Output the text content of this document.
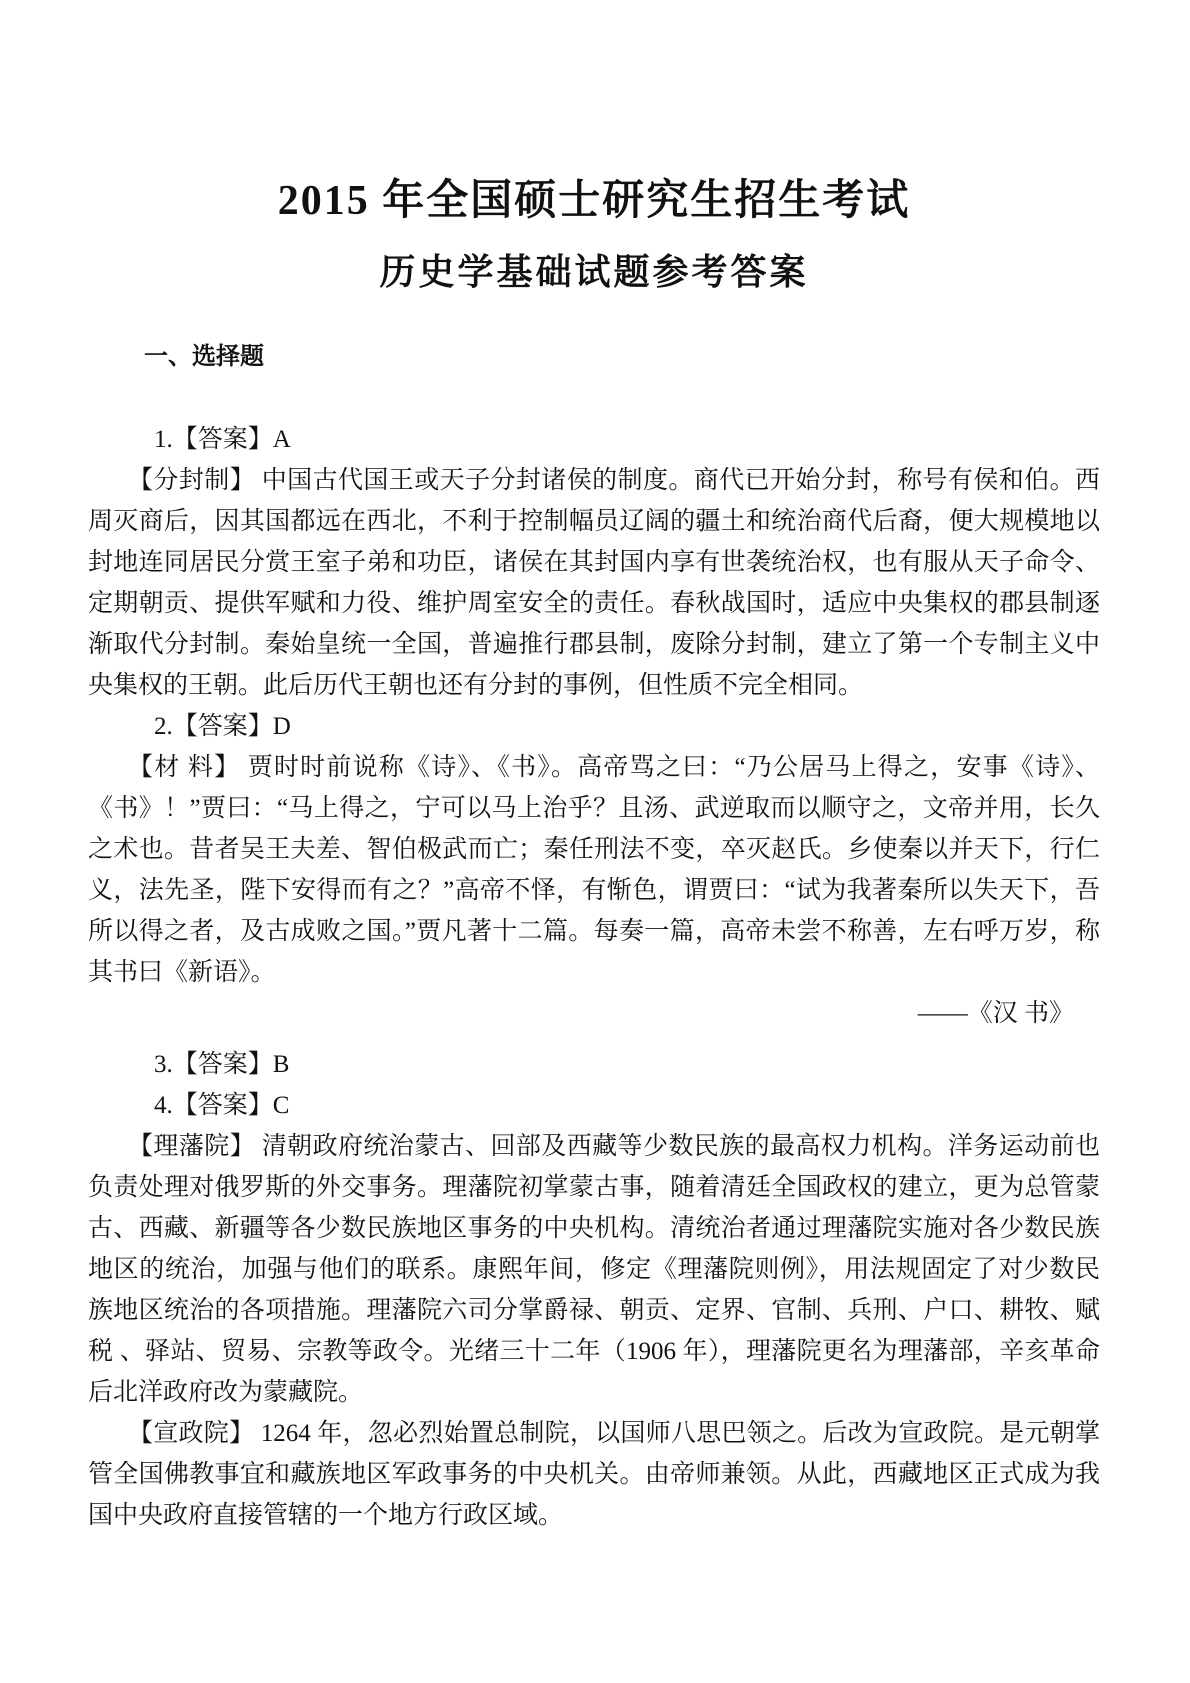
2015 年全国硕士研究生招生考试
历史学基础试题参考答案
一、选择题

1.【答案】A

【分封制】 中国古代国王或天子分封诸侯的制度。商代已开始分封，称号有侯和伯。西周灭商后，因其国都远在西北，不利于控制幅员辽阔的疆土和统治商代后裔，便大规模地以封地连同居民分赏王室子弟和功臣，诸侯在其封国内享有世袭统治权，也有服从天子命令、定期朝贡、提供军赋和力役、维护周室安全的责任。春秋战国时，适应中央集权的郡县制逐渐取代分封制。秦始皇统一全国，普遍推行郡县制，废除分封制，建立了第一个专制主义中央集权的王朝。此后历代王朝也还有分封的事例，但性质不完全相同。

2.【答案】D

【材 料】 贾时时前说称《诗》、《书》。高帝骂之曰：“乃公居马上得之，安事《诗》、《书》！”贾曰：“马上得之，宁可以马上治乎？且汤、武逆取而以顺守之，文帝并用，长久之术也。昔者吴王夫差、智伯极武而亡；秦任刑法不变，卒灭赵氏。乡使秦以并天下，行仁义，法先圣，陛下安得而有之？”高帝不怿，有惭色，谓贾曰：“试为我著秦所以失天下，吾所以得之者，及古成败之国。”贾凡著十二篇。每奏一篇，高帝未尝不称善，左右呼万岁，称其书曰《新语》。

——《汉 书》

3.【答案】B

4.【答案】C

【理藩院】 清朝政府统治蒙古、回部及西藏等少数民族的最高权力机构。洋务运动前也负责处理对俄罗斯的外交事务。理藩院初掌蒙古事，随着清廷全国政权的建立，更为总管蒙古、西藏、新疆等各少数民族地区事务的中央机构。清统治者通过理藩院实施对各少数民族地区的统治，加强与他们的联系。康熙年间，修定《理藩院则例》，用法规固定了对少数民族地区统治的各项措施。理藩院六司分掌爵禄、朝贡、定界、官制、兵刑、户口、耕牧、赋税 、驿站、贸易、宗教等政令。光绪三十二年（1906 年），理藩院更名为理藩部，辛亥革命后北洋政府改为蒙藏院。

【宣政院】 1264 年，忽必烈始置总制院，以国师八思巴领之。后改为宣政院。是元朝掌管全国佛教事宜和藏族地区军政事务的中央机关。由帝师兼领。从此，西藏地区正式成为我国中央政府直接管辖的一个地方行政区域。
